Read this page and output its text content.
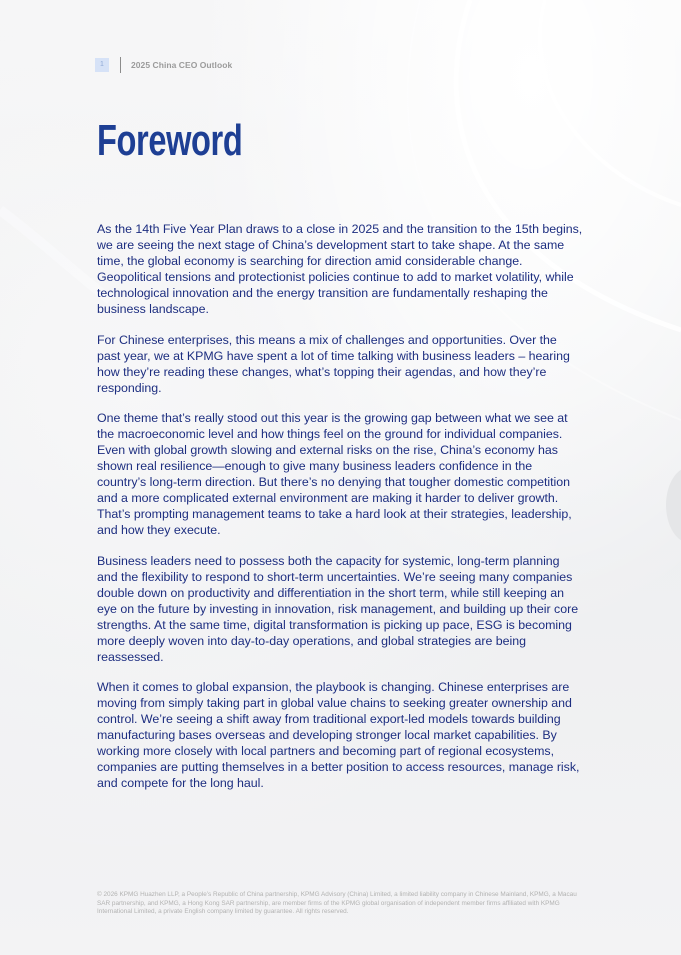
1	2025 China CEO Outlook
Foreword

As the 14th Five Year Plan draws to a close in 2025 and the transition to the 15th begins, we are seeing the next stage of China’s development start to take shape. At the same time, the global economy is searching for direction amid considerable change. Geopolitical tensions and protectionist policies continue to add to market volatility, while technological innovation and the energy transition are fundamentally reshaping the business landscape.

For Chinese enterprises, this means a mix of challenges and opportunities. Over the past year, we at KPMG have spent a lot of time talking with business leaders – hearing how they’re reading these changes, what’s topping their agendas, and how they’re responding.

One theme that’s really stood out this year is the growing gap between what we see at the macroeconomic level and how things feel on the ground for individual companies. Even with global growth slowing and external risks on the rise, China’s economy has shown real resilience—enough to give many business leaders confidence in the country’s long-term direction. But there’s no denying that tougher domestic competition and a more complicated external environment are making it harder to deliver growth. That’s prompting management teams to take a hard look at their strategies, leadership, and how they execute.

Business leaders need to possess both the capacity for systemic, long-term planning and the flexibility to respond to short-term uncertainties. We’re seeing many companies double down on productivity and differentiation in the short term, while still keeping an eye on the future by investing in innovation, risk management, and building up their core strengths. At the same time, digital transformation is picking up pace, ESG is becoming more deeply woven into day-to-day operations, and global strategies are being reassessed.

When it comes to global expansion, the playbook is changing. Chinese enterprises are moving from simply taking part in global value chains to seeking greater ownership and control. We’re seeing a shift away from traditional export-led models towards building manufacturing bases overseas and developing stronger local market capabilities. By working more closely with local partners and becoming part of regional ecosystems, companies are putting themselves in a better position to access resources, manage risk, and compete for the long haul.

© 2026 KPMG Huazhen LLP, a People’s Republic of China partnership, KPMG Advisory (China) Limited, a limited liability company in Chinese Mainland, KPMG, a Macau SAR partnership, and KPMG, a Hong Kong SAR partnership, are member firms of the KPMG global organisation of independent member firms affiliated with KPMG International Limited, a private English company limited by guarantee. All rights reserved.
